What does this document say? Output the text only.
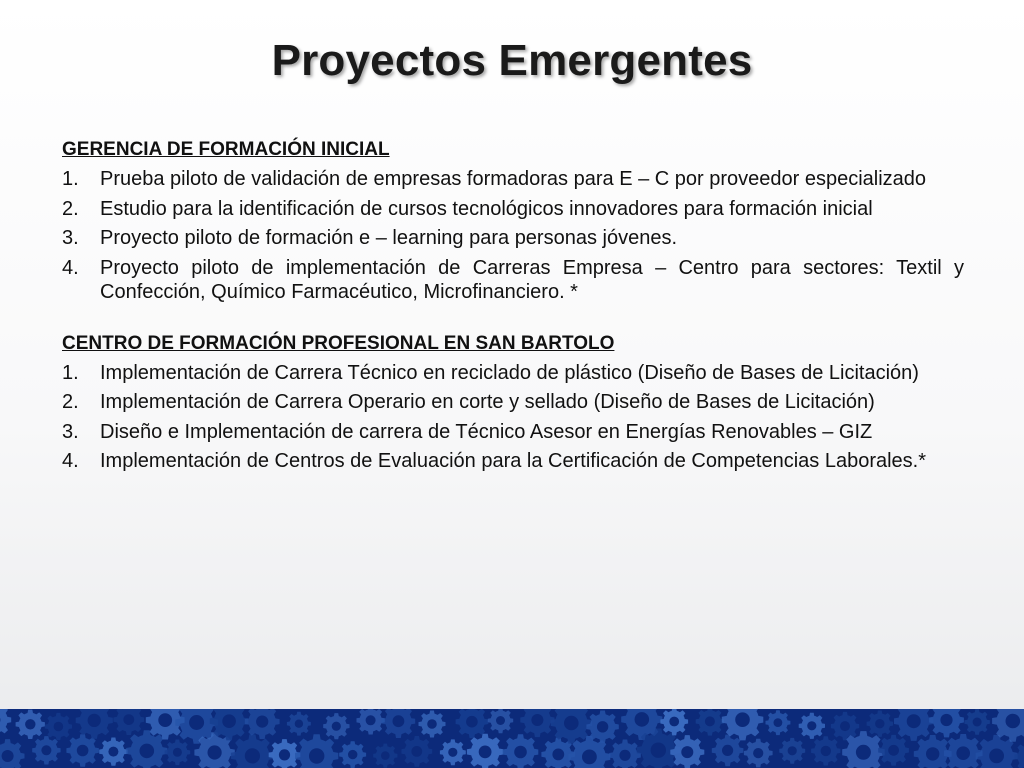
Proyectos Emergentes
GERENCIA DE FORMACIÓN INICIAL
1. Prueba piloto de validación de empresas formadoras para E – C por proveedor especializado
2. Estudio para la identificación de cursos tecnológicos innovadores para formación inicial
3. Proyecto piloto de formación e – learning para personas jóvenes.
4. Proyecto piloto de implementación de Carreras Empresa – Centro para sectores: Textil y Confección, Químico Farmacéutico, Microfinanciero. *
CENTRO DE FORMACIÓN PROFESIONAL EN SAN BARTOLO
1. Implementación de Carrera Técnico en reciclado de plástico (Diseño de Bases de Licitación)
2. Implementación de Carrera Operario en corte y sellado (Diseño de Bases de Licitación)
3. Diseño e Implementación de carrera de Técnico Asesor en Energías Renovables – GIZ
4. Implementación de Centros de Evaluación para la Certificación de Competencias Laborales.*
